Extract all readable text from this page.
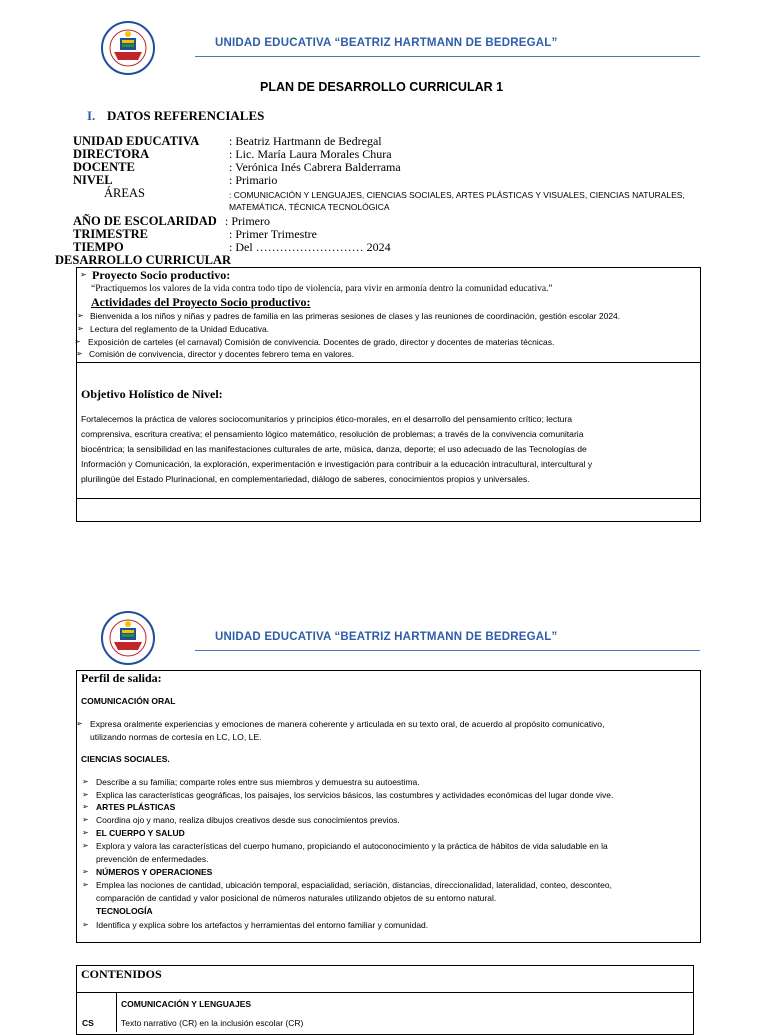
UNIDAD EDUCATIVA “BEATRIZ HARTMANN DE BEDREGAL”
PLAN DE DESARROLLO CURRICULAR 1
I. DATOS REFERENCIALES
UNIDAD EDUCATIVA : Beatriz Hartmann de Bedregal
DIRECTORA	: Lic. María Laura Morales Chura
DOCENTE	: Verónica Inés Cabrera Balderrama
NIVEL	: Primario
ÁREAS	: COMUNICACIÓN Y LENGUAJES, CIENCIAS SOCIALES, ARTES PLÁSTICAS Y VISUALES, CIENCIAS NATURALES,
MATEMÁTICA, TÉCNICA TECNOLÓGICA
AÑO DE ESCOLARIDAD : Primero
TRIMESTRE	: Primer Trimestre
TIEMPO	: Del ……………………… 2024
DESARROLLO CURRICULAR
➢ Proyecto Socio productivo:
“Practiquemos los valores de la vida contra todo tipo de violencia, para vivir en armonía dentro la comunidad educativa.”
Actividades del Proyecto Socio productivo:
➢ Bienvenida a los niños y niñas y padres de familia en las primeras sesiones de clases y las reuniones de coordinación, gestión escolar 2024.
➢ Lectura del reglamento de la Unidad Educativa.
➢ Exposición de carteles (el carnaval) Comisión de convivencia. Docentes de grado, director y docentes de materias técnicas.
➢ Comisión de convivencia, director y docentes febrero tema en valores.
Objetivo Holístico de Nivel:
Fortalecemos la práctica de valores sociocomunitarios y principios ético-morales, en el desarrollo del pensamiento crítico; lectura
comprensiva, escritura creativa; el pensamiento lógico matemático, resolución de problemas; a través de la convivencia comunitaria
biocéntrica; la sensibilidad en las manifestaciones culturales de arte, música, danza, deporte; el uso adecuado de las Tecnologías de
Información y Comunicación, la exploración, experimentación e investigación para contribuir a la educación intracultural, intercultural y
plurilingüe del Estado Plurinacional, en complementariedad, diálogo de saberes, conocimientos propios y universales.
UNIDAD EDUCATIVA “BEATRIZ HARTMANN DE BEDREGAL”
Perfil de salida:
COMUNICACIÓN ORAL
➢ Expresa oralmente experiencias y emociones de manera coherente y articulada en su texto oral, de acuerdo al propósito comunicativo,
utilizando normas de cortesía en LC, LO, LE.
CIENCIAS SOCIALES.
➢ Describe a su familia; comparte roles entre sus miembros y demuestra su autoestima.
➢ Explica las características geográficas, los paisajes, los servicios básicos, las costumbres y actividades económicas del lugar donde vive.
➢ ARTES PLÁSTICAS
➢ Coordina ojo y mano, realiza dibujos creativos desde sus conocimientos previos.
➢ EL CUERPO Y SALUD
➢ Explora y valora las características del cuerpo humano, propiciando el autoconocimiento y la práctica de hábitos de vida saludable en la
prevención de enfermedades.
➢ NÚMEROS Y OPERACIONES
➢ Emplea las nociones de cantidad, ubicación temporal, espacialidad, seriación, distancias, direccionalidad, lateralidad, conteo, desconteo,
comparación de cantidad y valor posicional de números naturales utilizando objetos de su entorno natural.
TECNOLOGÍA
➢ Identifica y explica sobre los artefactos y herramientas del entorno familiar y comunidad.
CONTENIDOS
COMUNICACIÓN Y LENGUAJES
CS	Texto narrativo (CR) en la inclusión escolar (CR)
